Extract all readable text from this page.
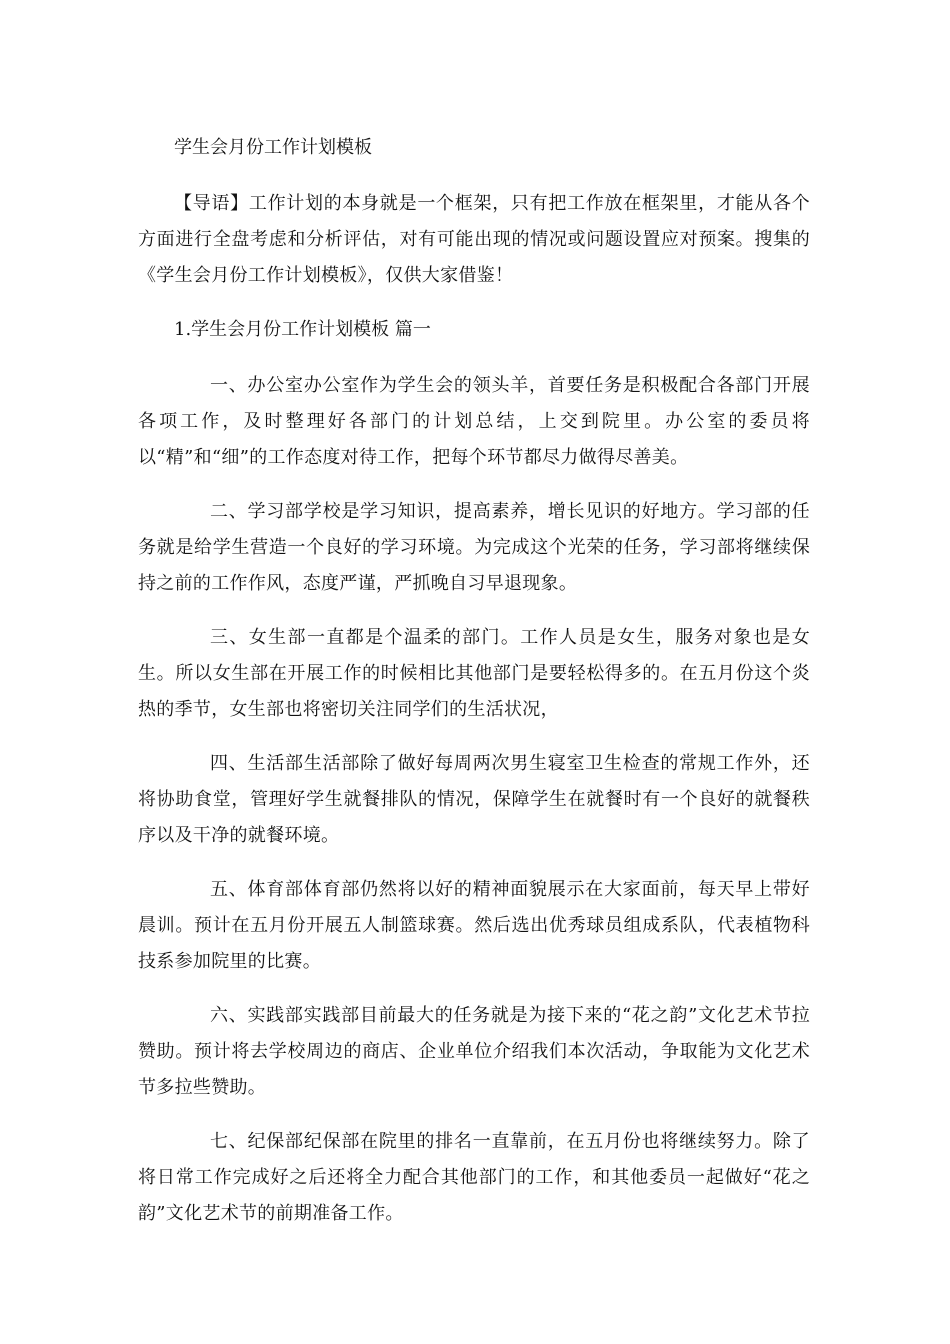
学生会月份工作计划模板

【导语】工作计划的本身就是一个框架，只有把工作放在框架里，才能从各个方面进行全盘考虑和分析评估，对有可能出现的情况或问题设置应对预案。搜集的《学生会月份工作计划模板》，仅供大家借鉴！

1.学生会月份工作计划模板 篇一

一、办公室办公室作为学生会的领头羊，首要任务是积极配合各部门开展各项工作，及时整理好各部门的计划总结，上交到院里。办公室的委员将以“精”和“细”的工作态度对待工作，把每个环节都尽力做得尽善美。

二、学习部学校是学习知识，提高素养，增长见识的好地方。学习部的任务就是给学生营造一个良好的学习环境。为完成这个光荣的任务，学习部将继续保持之前的工作作风，态度严谨，严抓晚自习早退现象。

三、女生部一直都是个温柔的部门。工作人员是女生，服务对象也是女生。所以女生部在开展工作的时候相比其他部门是要轻松得多的。在五月份这个炎热的季节，女生部也将密切关注同学们的生活状况，

四、生活部生活部除了做好每周两次男生寝室卫生检查的常规工作外，还将协助食堂，管理好学生就餐排队的情况，保障学生在就餐时有一个良好的就餐秩序以及干净的就餐环境。

五、体育部体育部仍然将以好的精神面貌展示在大家面前，每天早上带好晨训。预计在五月份开展五人制篮球赛。然后选出优秀球员组成系队，代表植物科技系参加院里的比赛。

六、实践部实践部目前最大的任务就是为接下来的“花之韵”文化艺术节拉赞助。预计将去学校周边的商店、企业单位介绍我们本次活动，争取能为文化艺术节多拉些赞助。

七、纪保部纪保部在院里的排名一直靠前，在五月份也将继续努力。除了将日常工作完成好之后还将全力配合其他部门的工作，和其他委员一起做好“花之韵”文化艺术节的前期准备工作。
